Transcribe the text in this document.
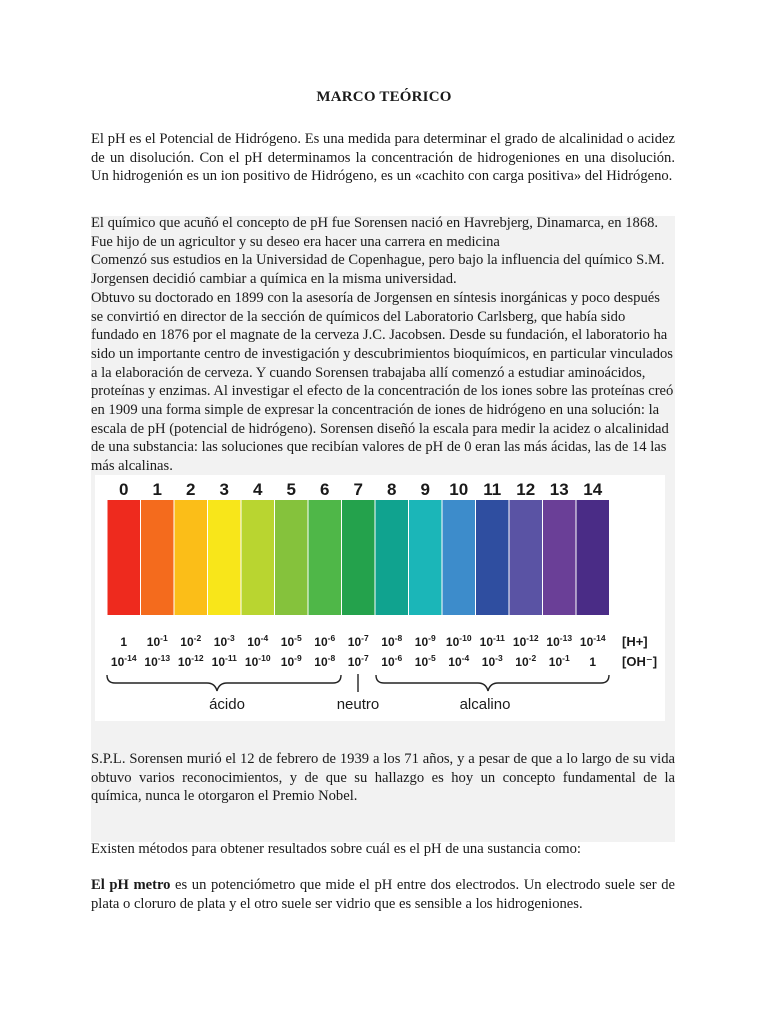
MARCO TEÓRICO
El pH es el Potencial de Hidrógeno. Es una medida para determinar el grado de alcalinidad o acidez de un disolución. Con el pH determinamos la concentración de hidrogeniones en una disolución. Un hidrogenión es un ion positivo de Hidrógeno, es un «cachito con carga positiva» del Hidrógeno.
El químico que acuñó el concepto de pH fue Sorensen nació en Havrebjerg, Dinamarca, en 1868. Fue hijo de un agricultor y su deseo era hacer una carrera en medicina
Comenzó sus estudios en la Universidad de Copenhague, pero bajo la influencia del químico S.M. Jorgensen decidió cambiar a química en la misma universidad.
Obtuvo su doctorado en 1899 con la asesoría de Jorgensen en síntesis inorgánicas y poco después se convirtió en director de la sección de químicos del Laboratorio Carlsberg, que había sido fundado en 1876 por el magnate de la cerveza J.C. Jacobsen. Desde su fundación, el laboratorio ha sido un importante centro de investigación y descubrimientos bioquímicos, en particular vinculados a la elaboración de cerveza. Y cuando Sorensen trabajaba allí comenzó a estudiar aminoácidos, proteínas y enzimas. Al investigar el efecto de la concentración de los iones sobre las proteínas creó en 1909 una forma simple de expresar la concentración de iones de hidrógeno en una solución: la escala de pH (potencial de hidrógeno). Sorensen diseñó la escala para medir la acidez o alcalinidad de una substancia: las soluciones que recibían valores de pH de 0 eran las más ácidas, las de 14 las más alcalinas.
0 1 2 3 4 5 6 7 8 9 10 11 12 13 14
1 $10^{-1}$ $10^{-2}$ $10^{-3}$ $10^{-4}$ $10^{-5}$ $10^{-6}$ $10^{-7}$ $10^{-8}$ $10^{-9}$ $10^{-10}$ $10^{-11}$ $10^{-12}$ $10^{-13}$ $10^{-14}$
$10^{-14}$ $10^{-13}$ $10^{-12}$ $10^{-11}$ $10^{-10}$ $10^{-9}$ $10^{-8}$ $10^{-7}$ $10^{-6}$ $10^{-5}$ $10^{-4}$ $10^{-3}$ $10^{-2}$ $10^{-1}$ 1
[H+]
[OH⁻]
ácido	neutro	alcalino
S.P.L. Sorensen murió el 12 de febrero de 1939 a los 71 años, y a pesar de que a lo largo de su vida obtuvo varios reconocimientos, y de que su hallazgo es hoy un concepto fundamental de la química, nunca le otorgaron el Premio Nobel.
Existen métodos para obtener resultados sobre cuál es el pH de una sustancia como:
El pH metro es un potenciómetro que mide el pH entre dos electrodos. Un electrodo suele ser de plata o cloruro de plata y el otro suele ser vidrio que es sensible a los hidrogeniones.
